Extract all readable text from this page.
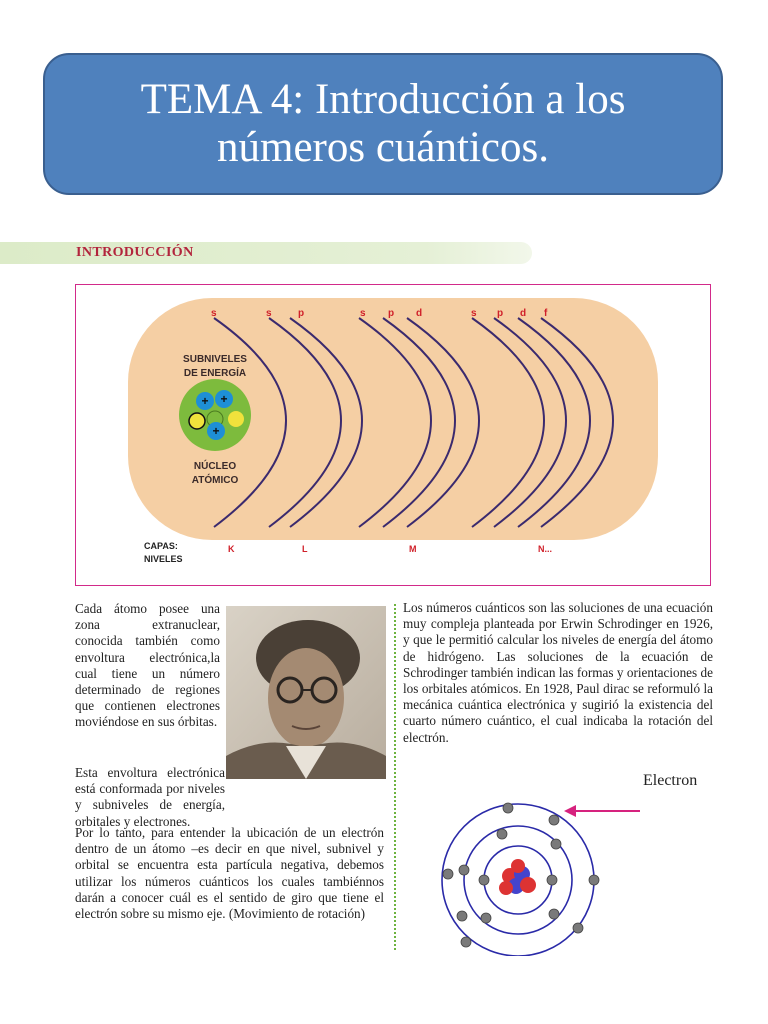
TEMA 4: Introducción a los
números cuánticos.
INTRODUCCIÓN
s	s	p	s p d	s p d f
SUBNIVELES
DE ENERGÍA
NÚCLEO
ATÓMICO
+ +
+
CAPAS:
NIVELES
K	L	M	N...

Cada átomo posee una zona extranuclear, conocida también como envoltura electrónica,la cual tiene un número determinado de regiones que contienen electrones moviéndose en sus órbitas.

Esta envoltura electrónica está conformada por niveles y subniveles de energía, orbitales y electrones.

Por lo tanto, para entender la ubicación de un electrón dentro de un átomo –es decir en que nivel, subnivel y orbital se encuentra esta partícula negativa, debemos utilizar los números cuánticos los cuales tambiénnos darán a conocer cuál es el sentido de giro que tiene el electrón sobre su mismo eje. (Movimiento de rotación)

Los números cuánticos son las soluciones de una ecuación muy compleja planteada por Erwin Schrodinger en 1926, y que le permitió calcular los niveles de energía del átomo de hidrógeno. Las soluciones de la ecuación de Schrodinger también indican las formas y orientaciones de los orbitales atómicos. En 1928, Paul dirac se reformuló la mecánica cuántica electrónica y sugirió la existencia del cuarto número cuántico, el cual indicaba la rotación del electrón.

Electron
